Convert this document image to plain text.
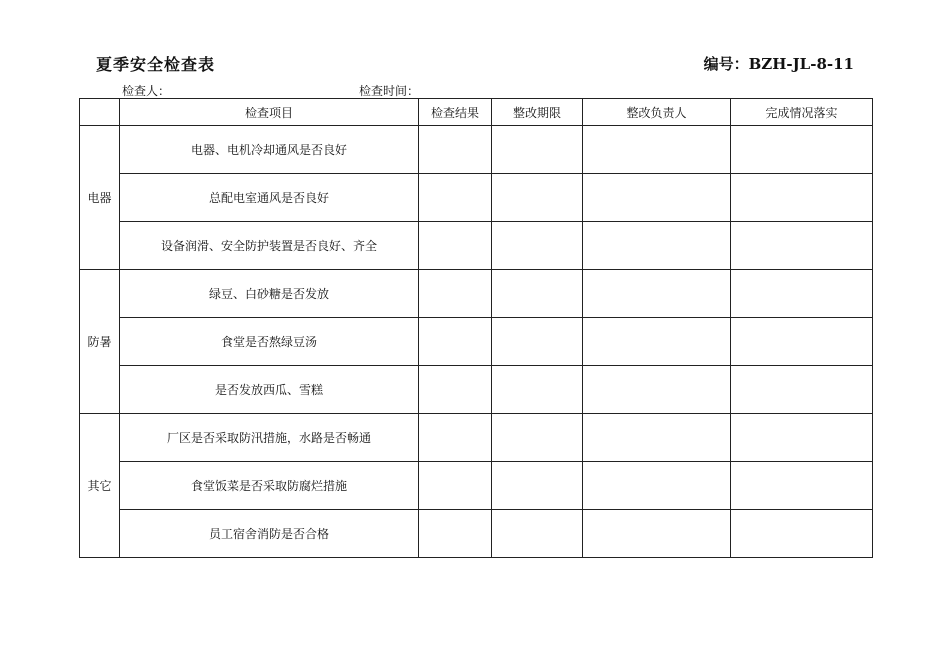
夏季安全检查表	编号：BZH-JL-8-11
检查人：	检查时间：
	检查项目	检查结果	整改期限	整改负责人	完成情况落实
电器	电器、电机冷却通风是否良好				
	总配电室通风是否良好				
	设备润滑、安全防护装置是否良好、齐全				
防暑	绿豆、白砂糖是否发放				
	食堂是否熬绿豆汤				
	是否发放西瓜、雪糕				
其它	厂区是否采取防汛措施，水路是否畅通				
	食堂饭菜是否采取防腐烂措施				
	员工宿舍消防是否合格				
